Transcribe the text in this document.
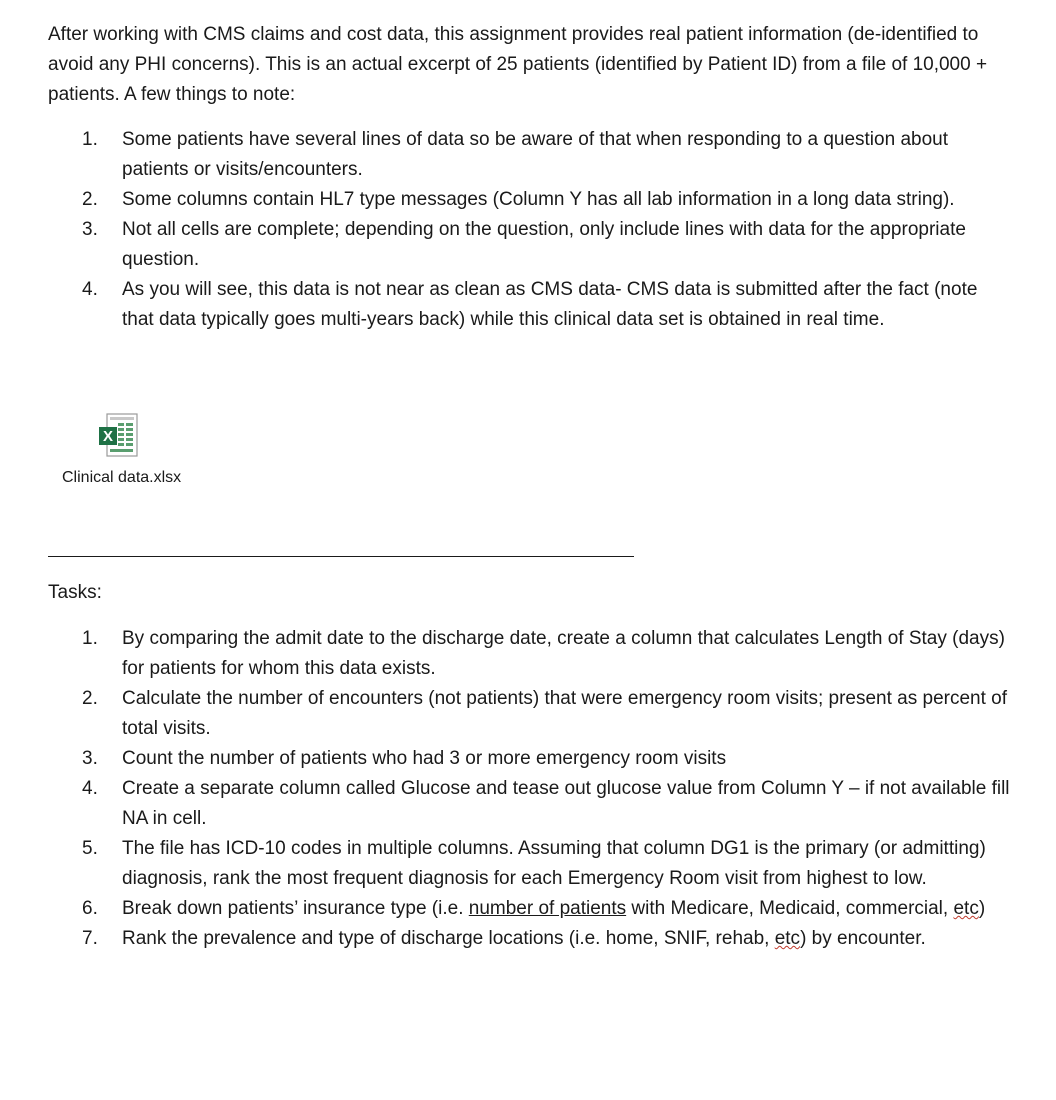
After working with CMS claims and cost data, this assignment provides real patient information (de-identified to avoid any PHI concerns). This is an actual excerpt of 25 patients (identified by Patient ID) from a file of 10,000 + patients. A few things to note:

1. Some patients have several lines of data so be aware of that when responding to a question about patients or visits/encounters.
2. Some columns contain HL7 type messages (Column Y has all lab information in a long data string).
3. Not all cells are complete; depending on the question, only include lines with data for the appropriate question.
4. As you will see, this data is not near as clean as CMS data- CMS data is submitted after the fact (note that data typically goes multi-years back) while this clinical data set is obtained in real time.
X
Clinical data.xlsx
Tasks:
1. By comparing the admit date to the discharge date, create a column that calculates Length of Stay (days) for patients for whom this data exists.
2. Calculate the number of encounters (not patients) that were emergency room visits; present as percent of total visits.
3. Count the number of patients who had 3 or more emergency room visits
4. Create a separate column called Glucose and tease out glucose value from Column Y – if not available fill NA in cell.
5. The file has ICD-10 codes in multiple columns. Assuming that column DG1 is the primary (or admitting) diagnosis, rank the most frequent diagnosis for each Emergency Room visit from highest to low.
6. Break down patients’ insurance type (i.e. number of patients with Medicare, Medicaid, commercial, etc)
7. Rank the prevalence and type of discharge locations (i.e. home, SNIF, rehab, etc) by encounter.
